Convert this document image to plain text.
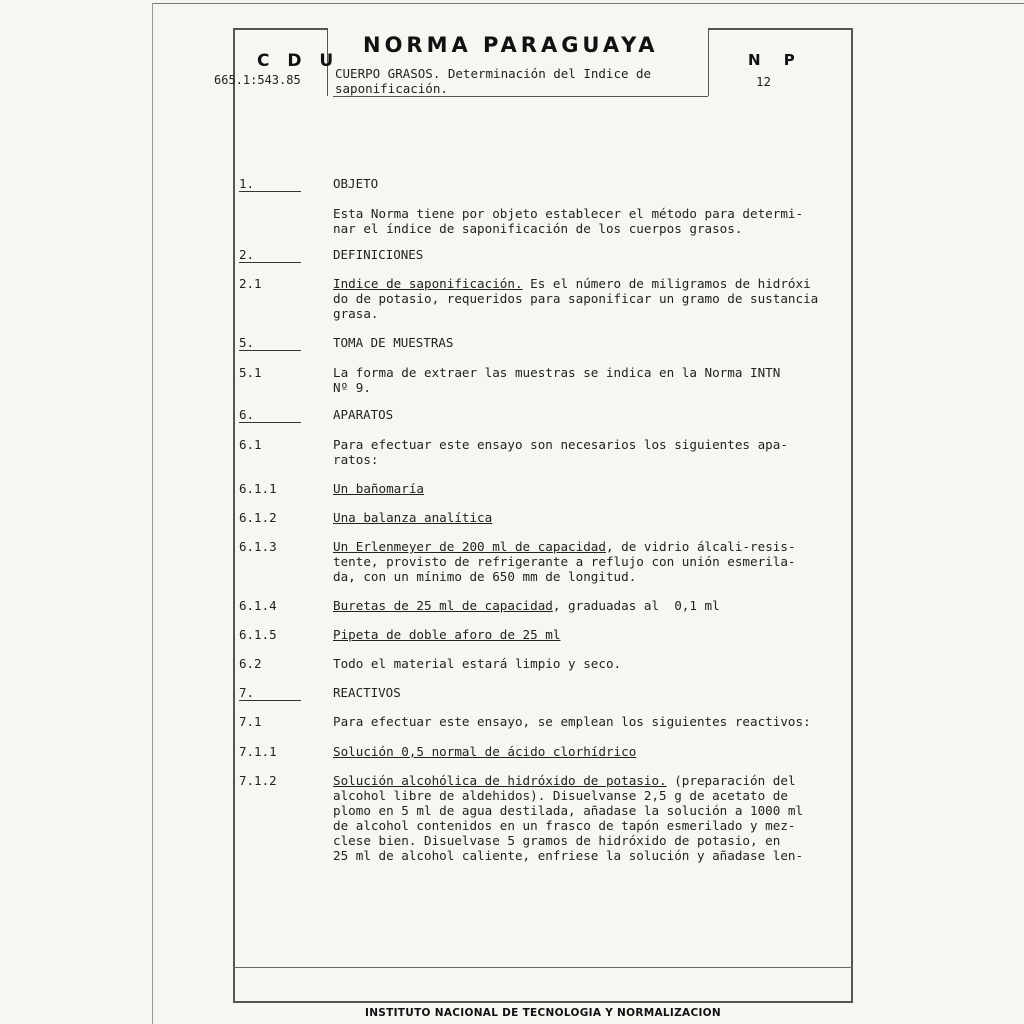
C D U
665.1:543.85
NORMA PARAGUAYA
CUERPO GRASOS. Determinación del Indice de saponificación.
N P
12
1.	OBJETO
Esta Norma tiene por objeto establecer el método para determi-
nar el índice de saponificación de los cuerpos grasos.
2.	DEFINICIONES
2.1	Indice de saponificación. Es el número de miligramos de hidróxi
do de potasio, requeridos para saponificar un gramo de sustancia
grasa.
5.	TOMA DE MUESTRAS
5.1	La forma de extraer las muestras se indica en la Norma INTN
Nº 9.
6.	APARATOS
6.1	Para efectuar este ensayo son necesarios los siguientes apa-
ratos:
6.1.1	Un bañomaría
6.1.2	Una balanza analítica
6.1.3	Un Erlenmeyer de 200 ml de capacidad, de vidrio álcali-resis-
tente, provisto de refrigerante a reflujo con unión esmerila-
da, con un mínimo de 650 mm de longitud.
6.1.4	Buretas de 25 ml de capacidad, graduadas al  0,1 ml
6.1.5	Pipeta de doble aforo de 25 ml
6.2	Todo el material estará limpio y seco.
7.	REACTIVOS
7.1	Para efectuar este ensayo, se emplean los siguientes reactivos:
7.1.1	Solución 0,5 normal de ácido clorhídrico
7.1.2	Solución alcohólica de hidróxido de potasio. (preparación del
alcohol libre de aldehidos). Disuelvanse 2,5 g de acetato de
plomo en 5 ml de agua destilada, añadase la solución a 1000 ml
de alcohol contenidos en un frasco de tapón esmerilado y mez-
clese bien. Disuelvase 5 gramos de hidróxido de potasio, en
25 ml de alcohol caliente, enfriese la solución y añadase len-
INSTITUTO NACIONAL DE TECNOLOGIA Y NORMALIZACION
